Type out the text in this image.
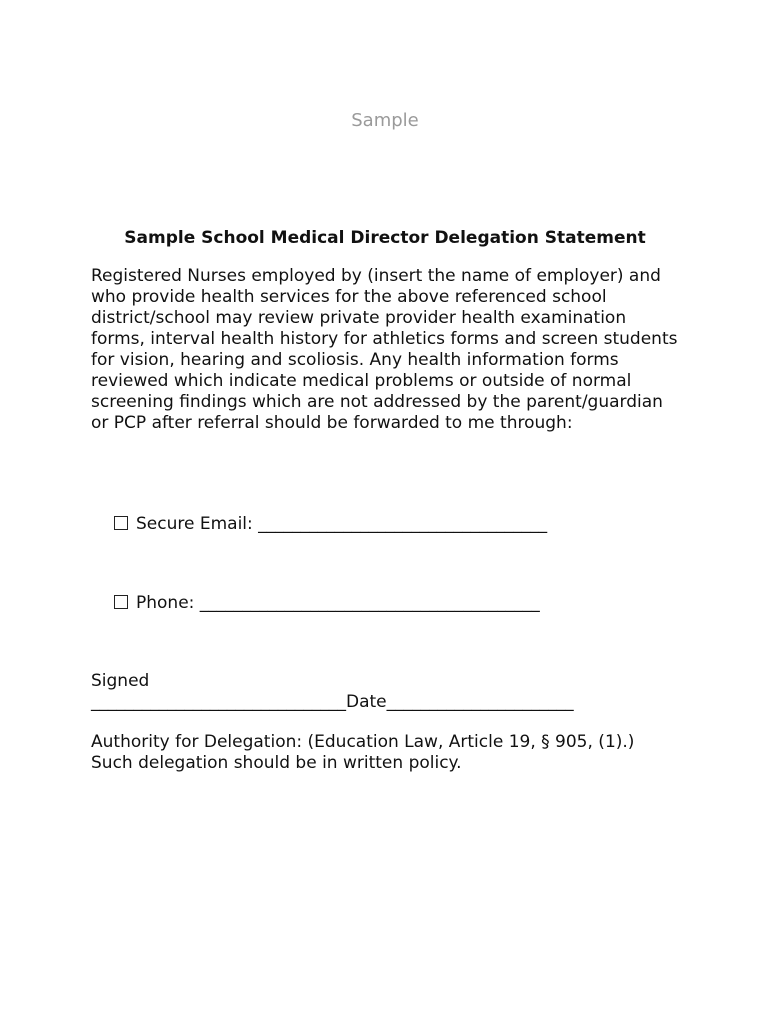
Sample
Sample School Medical Director Delegation Statement
Registered Nurses employed by (insert the name of employer) and who provide health services for the above referenced school district/school may review private provider health examination forms, interval health history for athletics forms and screen students for vision, hearing and scoliosis. Any health information forms reviewed which indicate medical problems or outside of normal screening findings which are not addressed by the parent/guardian or PCP after referral should be forwarded to me through:
Secure Email: __________________________________
Phone: ________________________________________
Signed
______________________________Date______________________
Authority for Delegation: (Education Law, Article 19, § 905, (1).)
Such delegation should be in written policy.
